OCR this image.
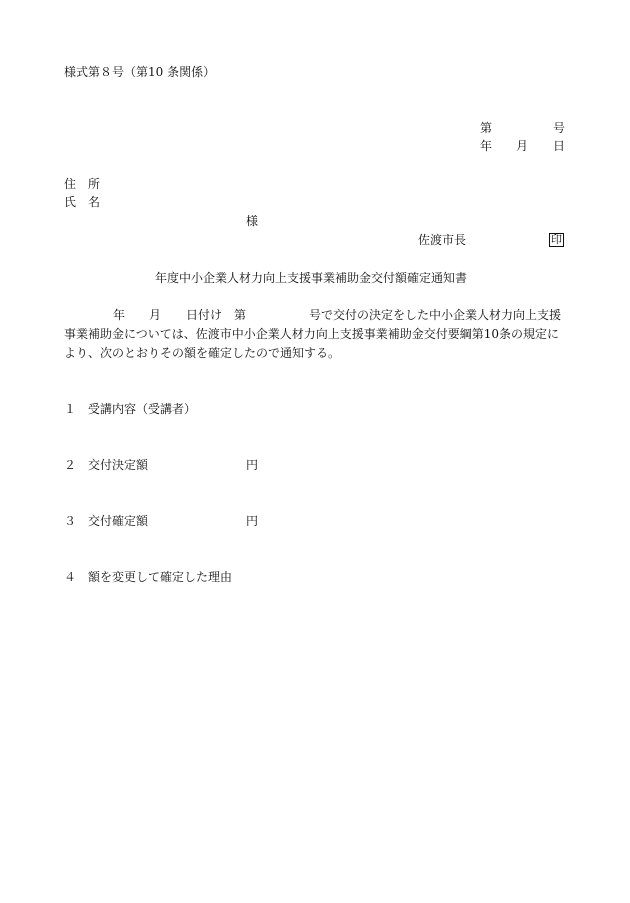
様式第８号（第10 条関係）
第	号
年 月 日
住　所
氏　名
様
佐渡市長	印
年度中小企業人材力向上支援事業補助金交付額確定通知書
年 月 日付け 第	号で交付の決定をした中小企業人材力向上支援
事業補助金については、佐渡市中小企業人材力向上支援事業補助金交付要綱第10条の規定に
より、次のとおりその額を確定したので通知する。
１ 受講内容（受講者）
２ 交付決定額	円
３ 交付確定額	円
４ 額を変更して確定した理由
